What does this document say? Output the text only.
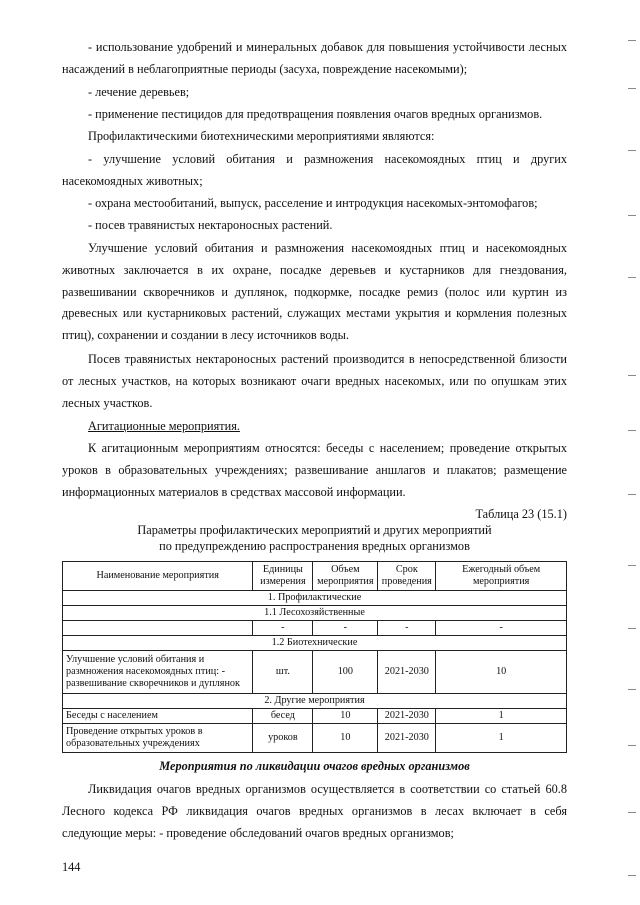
- использование удобрений и минеральных добавок для повышения устойчивости лесных насаждений в неблагоприятные периоды (засуха, повреждение насекомыми);

- лечение деревьев;

- применение пестицидов для предотвращения появления очагов вредных организмов.

Профилактическими биотехническими мероприятиями являются:

- улучшение условий обитания и размножения насекомоядных птиц и других насекомоядных животных;

- охрана местообитаний, выпуск, расселение и интродукция насекомых-энтомофагов;

- посев травянистых нектароносных растений.

Улучшение условий обитания и размножения насекомоядных птиц и насекомоядных животных заключается в их охране, посадке деревьев и кустарников для гнездования, развешивании скворечников и дуплянок, подкормке, посадке ремиз (полос или куртин из древесных или кустарниковых растений, служащих местами укрытия и кормления полезных птиц), сохранении и создании в лесу источников воды.

Посев травянистых нектароносных растений производится в непосредственной близости от лесных участков, на которых возникают очаги вредных насекомых, или по опушкам этих лесных участков.

Агитационные мероприятия.

К агитационным мероприятиям относятся: беседы с населением; проведение открытых уроков в образовательных учреждениях; развешивание аншлагов и плакатов; размещение информационных материалов в средствах массовой информации.

Таблица 23 (15.1)
Параметры профилактических мероприятий и других мероприятий
по предупреждению распространения вредных организмов
Наименование мероприятия	Единицы измерения	Объем мероприятия	Срок проведения	Ежегодный объем мероприятия
1. Профилактические				
1.1 Лесохозяйственные				
	-	-	-	-
1.2 Биотехнические				
Улучшение условий обитания и размножения насекомоядных птиц: - развешивание скворечников и дуплянок	шт.	100	2021-2030	10
2. Другие мероприятия				
Беседы с населением	бесед	10	2021-2030	1
Проведение открытых уроков в образовательных учреждениях	уроков	10	2021-2030	1
Мероприятия по ликвидации очагов вредных организмов

Ликвидация очагов вредных организмов осуществляется в соответствии со статьей 60.8 Лесного кодекса РФ ликвидация очагов вредных организмов в лесах включает в себя следующие меры: - проведение обследований очагов вредных организмов;

144
